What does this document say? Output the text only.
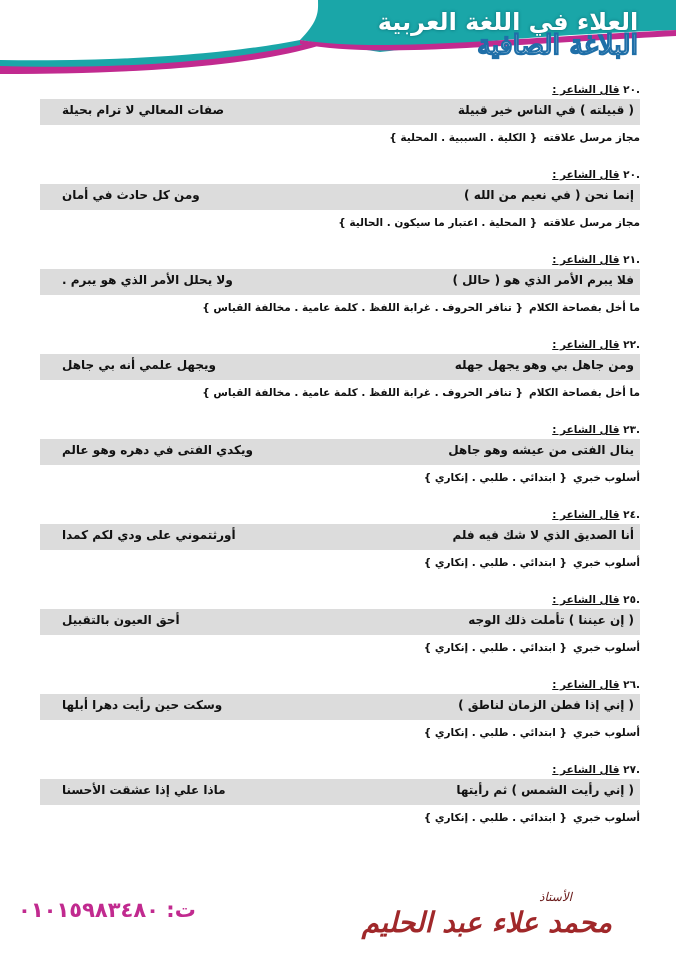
العلاء في اللغة العربية
البلاغة الصافية
.٢٠ قال الشاعر :
( قبيلته ) في الناس خير قبيلة
صفات المعالي لا ترام بحيلة
مجاز مرسل علاقته{ الكلية . السببية . المحلية }
.٢٠ قال الشاعر :
إنما نحن ( في نعيم من الله )
ومن كل حادث في أمان
مجاز مرسل علاقته{ المحلية . اعتبار ما سيكون . الحالية }
.٢١ قال الشاعر :
فلا يبرم الأمر الذي هو ( حالل )
ولا يحلل الأمر الذي هو يبرم .
ما أخل بفصاحة الكلام{ تنافر الحروف . غرابة اللفظ . كلمة عامية . مخالفة القياس }
.٢٢ قال الشاعر :
ومن جاهل بي وهو يجهل جهله
ويجهل علمي أنه بي جاهل
ما أخل بفصاحة الكلام{ تنافر الحروف . غرابة اللفظ . كلمة عامية . مخالفة القياس }
.٢٣ قال الشاعر :
ينال الفتى من عيشه وهو جاهل
ويكدي الفتى في دهره وهو عالم
أسلوب خبري{ ابتدائي . طلبي . إنكاري }
.٢٤ قال الشاعر :
أنا الصديق الذي لا شك فيه فلم
أورثتموني على ودي لكم كمدا
أسلوب خبري{ ابتدائي . طلبي . إنكاري }
.٢٥ قال الشاعر :
( إن عيننا ) تأملت ذلك الوجه
أحق العيون بالتقبيل
أسلوب خبري{ ابتدائي . طلبي . إنكاري }
.٢٦ قال الشاعر :
( إني إذا فطن الزمان لناطق )
وسكت حين رأيت دهرا أبلها
أسلوب خبري{ ابتدائي . طلبي . إنكاري }
.٢٧ قال الشاعر :
( إني رأيت الشمس ) ثم رأيتها
ماذا علي إذا عشقت الأحسنا
أسلوب خبري{ ابتدائي . طلبي . إنكاري }
ت: ٠١٠١٥٩٨٣٤٨٠
الأستاذ
محمد علاء عبد الحليم
